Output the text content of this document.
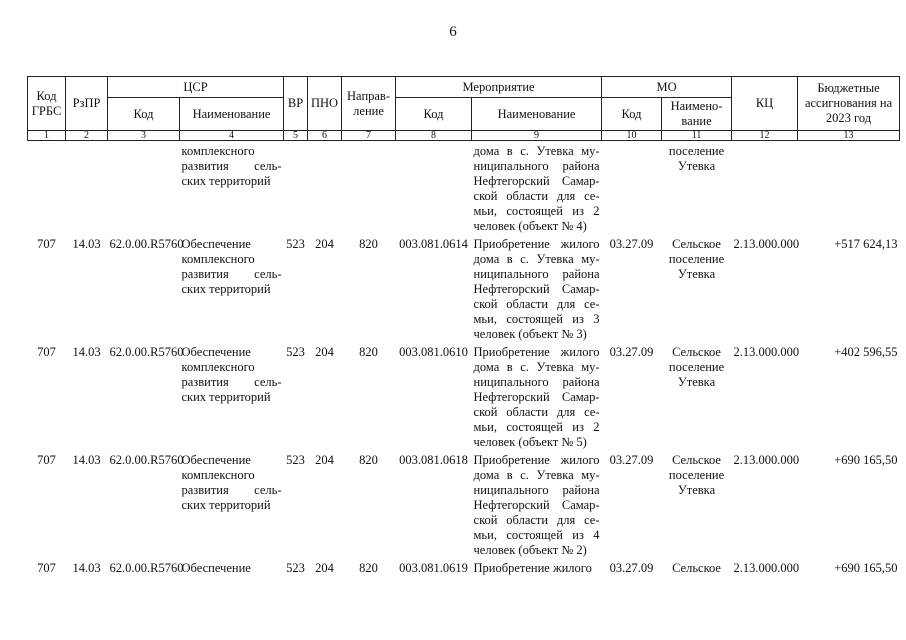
6
Код ГРБС	РзПР	ЦСР		ВР	ПНО	Направ-ление	Мероприятие		МО		КЦ	Бюджетные ассигнования на 2023 год
		Код	Наименование				Код	Наименование	Код	Наимено-вание		
1	2	3	4	5	6	7	8	9	10	11	12	13
			комплексного развития сель-ских территорий					дома в с. Утевка му-ниципального района Нефтегорский Самар-ской области для се-мьи, состоящей из 2 человек (объект № 4)		поселение Утевка		
707	14.03	62.0.00.R5760	Обеспечение комплексного развития сель-ских территорий	523	204	820	003.081.0614	Приобретение жилого дома в с. Утевка му-ниципального района Нефтегорский Самар-ской области для се-мьи, состоящей из 3 человек (объект № 3)	03.27.09	Сельское поселение Утевка	2.13.000.000	+517 624,13
707	14.03	62.0.00.R5760	Обеспечение комплексного развития сель-ских территорий	523	204	820	003.081.0610	Приобретение жилого дома в с. Утевка му-ниципального района Нефтегорский Самар-ской области для се-мьи, состоящей из 2 человек (объект № 5)	03.27.09	Сельское поселение Утевка	2.13.000.000	+402 596,55
707	14.03	62.0.00.R5760	Обеспечение комплексного развития сель-ских территорий	523	204	820	003.081.0618	Приобретение жилого дома в с. Утевка му-ниципального района Нефтегорский Самар-ской области для се-мьи, состоящей из 4 человек (объект № 2)	03.27.09	Сельское поселение Утевка	2.13.000.000	+690 165,50
707	14.03	62.0.00.R5760	Обеспечение	523	204	820	003.081.0619	Приобретение жилого	03.27.09	Сельское	2.13.000.000	+690 165,50
